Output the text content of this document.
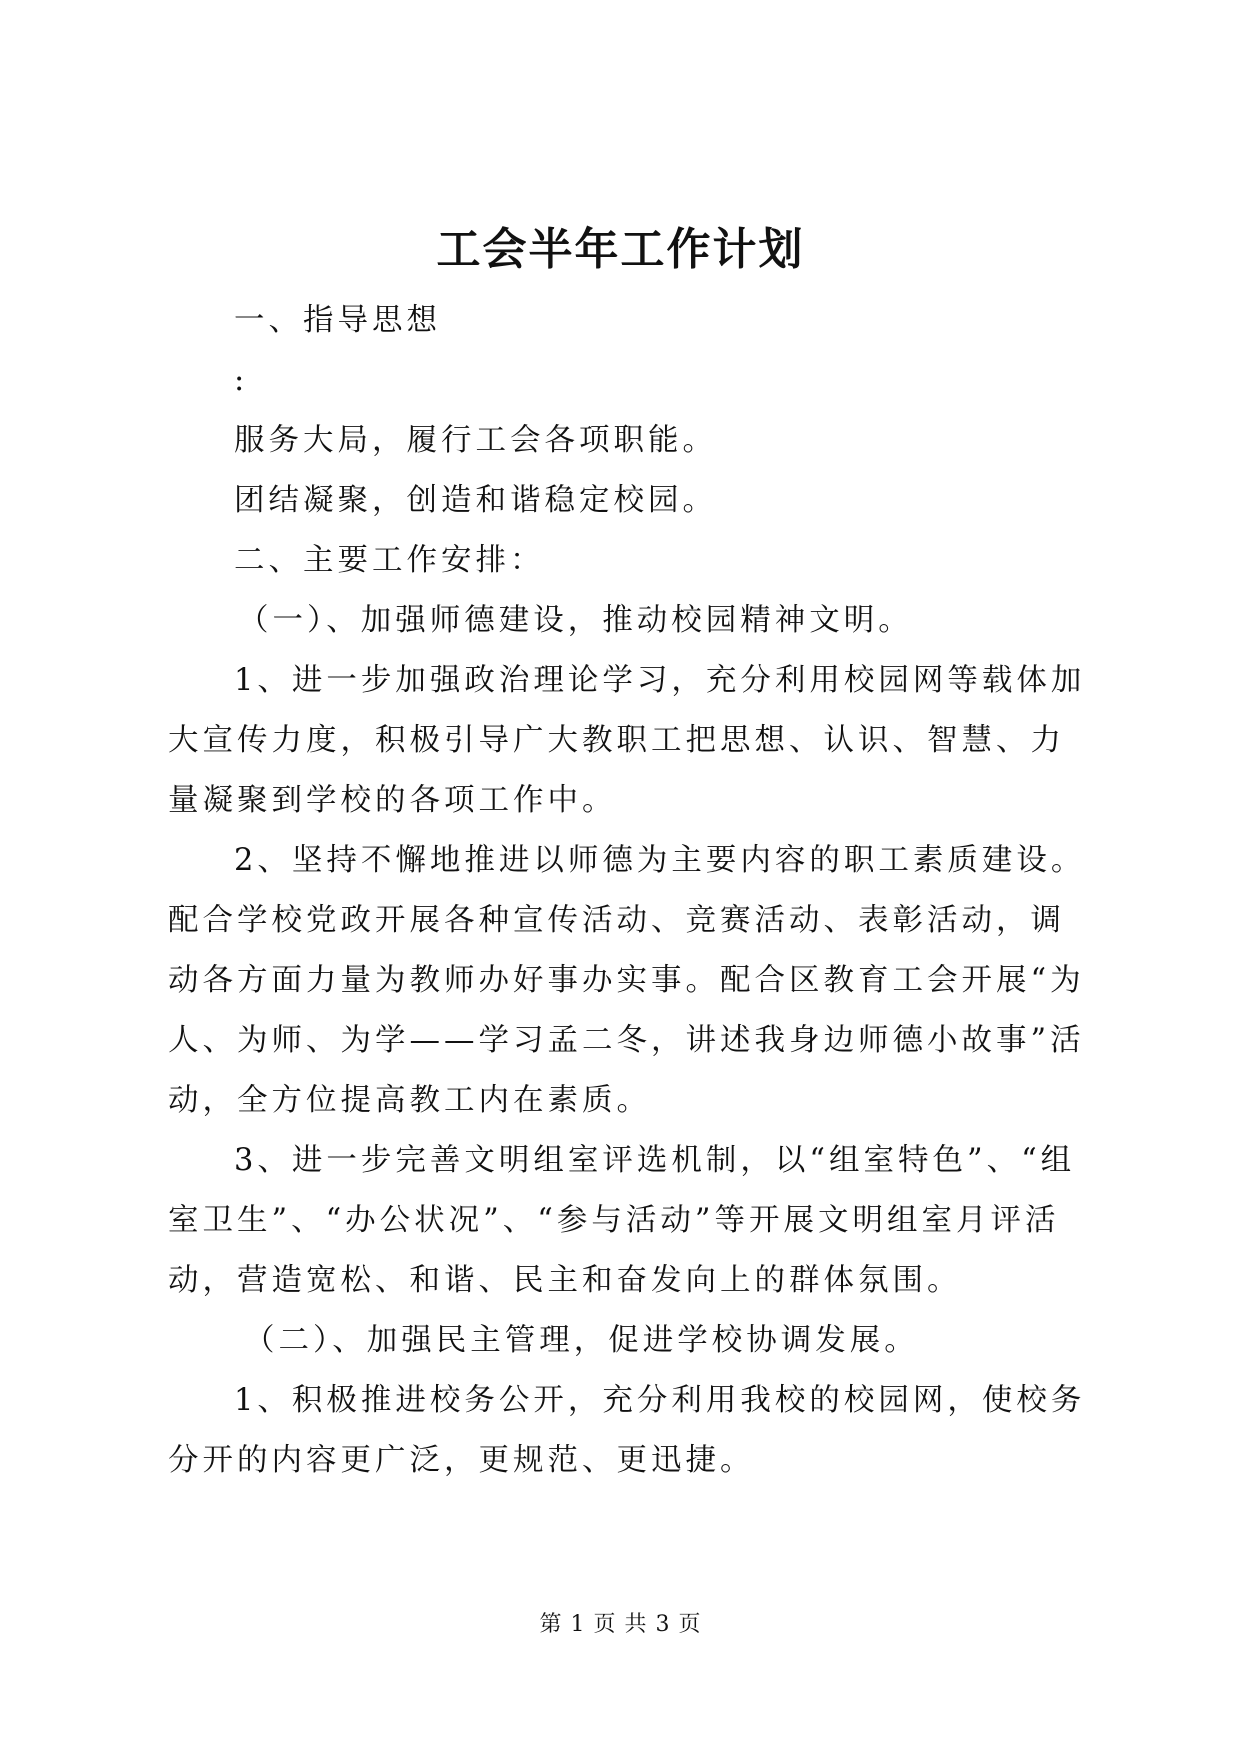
工会半年工作计划

一、指导思想

:

服务大局，履行工会各项职能。

团结凝聚，创造和谐稳定校园。

二、主要工作安排：

（一）、加强师德建设，推动校园精神文明。

1、进一步加强政治理论学习，充分利用校园网等载体加大宣传力度，积极引导广大教职工把思想、认识、智慧、力量凝聚到学校的各项工作中。

2、坚持不懈地推进以师德为主要内容的职工素质建设。配合学校党政开展各种宣传活动、竞赛活动、表彰活动，调动各方面力量为教师办好事办实事。配合区教育工会开展“为人、为师、为学——学习孟二冬，讲述我身边师德小故事”活动，全方位提高教工内在素质。

3、进一步完善文明组室评选机制，以“组室特色”、“组室卫生”、“办公状况”、“参与活动”等开展文明组室月评活动，营造宽松、和谐、民主和奋发向上的群体氛围。

（二）、加强民主管理，促进学校协调发展。

1、积极推进校务公开，充分利用我校的校园网，使校务分开的内容更广泛，更规范、更迅捷。

第 1 页 共 3 页
